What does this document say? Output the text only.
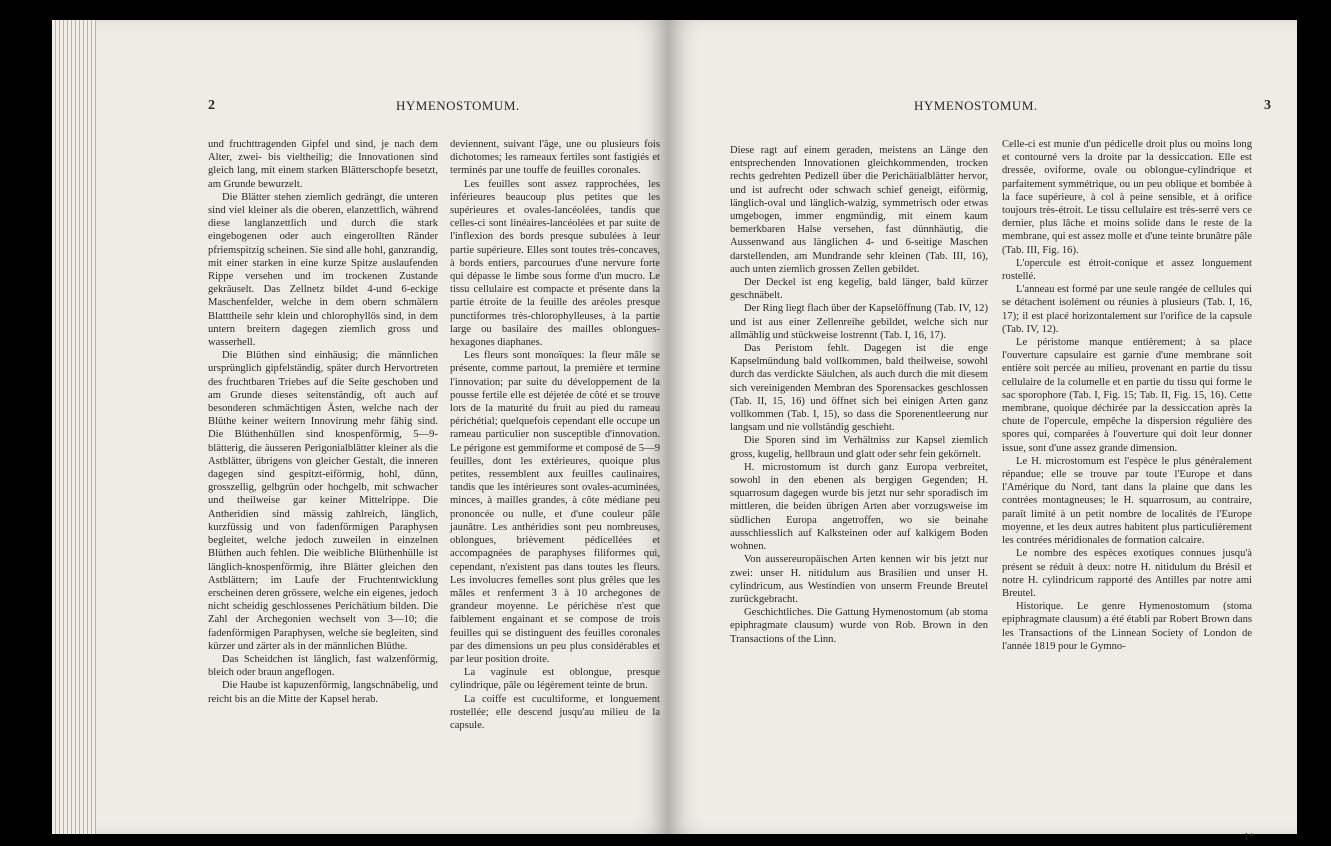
2	HYMENOSTOMUM.

und fruchttragenden Gipfel und sind, je nach dem Alter, zwei- bis vieltheilig; die Innovationen sind gleich lang, mit einem starken Blätterschopfe besetzt, am Grunde bewurzelt.

Die Blätter stehen ziemlich gedrängt, die unteren sind viel kleiner als die oberen, elanzettlich, während diese langlanzettlich und durch die stark eingebogenen oder auch eingerollten Ränder pfriemspitzig scheinen. Sie sind alle hohl, ganzrandig, mit einer starken in eine kurze Spitze auslaufenden Rippe versehen und im trockenen Zustande gekräuselt. Das Zellnetz bildet 4-und 6-eckige Maschenfelder, welche in dem obern schmälern Blatttheile sehr klein und chlorophyllös sind, in dem untern breitern dagegen ziemlich gross und wasserhell.

Die Blüthen sind einhäusig; die männlichen ursprünglich gipfelständig, später durch Hervortreten des fruchtbaren Triebes auf die Seite geschoben und am Grunde dieses seitenständig, oft auch auf besonderen schmächtigen Ästen, welche nach der Blüthe keiner weitern Innovirung mehr fähig sind. Die Blüthenhüllen sind knospenförmig, 5—9-blätterig, die äusseren Perigonialblätter kleiner als die Astblätter, übrigens von gleicher Gestalt, die inneren dagegen sind gespitzt-eiförmig, hohl, dünn, grosszellig, gelbgrün oder hochgelb, mit schwacher und theilweise gar keiner Mittelrippe. Die Antheridien sind mässig zahlreich, länglich, kurzfüssig und von fadenförmigen Paraphysen begleitet, welche jedoch zuweilen in einzelnen Blüthen auch fehlen. Die weibliche Blüthenhülle ist länglich-knospenförmig, ihre Blätter gleichen den Astblättern; im Laufe der Fruchtentwicklung erscheinen deren grössere, welche ein eigenes, jedoch nicht scheidig geschlossenes Perichätium bilden. Die Zahl der Archegonien wechselt von 3—10; die fadenförmigen Paraphysen, welche sie begleiten, sind kürzer und zärter als in der männlichen Blüthe.

Das Scheidchen ist länglich, fast walzenförmig, bleich oder braun angeflogen.

Die Haube ist kapuzenförmig, langschnäbelig, und reicht bis an die Mitte der Kapsel herab.

deviennent, suivant l'âge, une ou plusieurs fois dichotomes; les rameaux fertiles sont fastigiés et terminés par une touffe de feuilles coronales.

Les feuilles sont assez rapprochées, les inférieures beaucoup plus petites que les supérieures et ovales-lancéolées, tandis que celles-ci sont linéaires-lancéolées et par suite de l'inflexion des bords presque subulées à leur partie supérieure. Elles sont toutes très-concaves, à bords entiers, parcourues d'une nervure forte qui dépasse le limbe sous forme d'un mucro. Le tissu cellulaire est compacte et présente dans la partie étroite de la feuille des aréoles presque punctiformes très-chlorophylleuses, à la partie large ou basilaire des mailles oblongues-hexagones diaphanes.

Les fleurs sont monoïques: la fleur mâle se présente, comme partout, la première et termine l'innovation; par suite du développement de la pousse fertile elle est déjetée de côté et se trouve lors de la maturité du fruit au pied du rameau périchétial; quelquefois cependant elle occupe un rameau particulier non susceptible d'innovation. Le périgone est gemmiforme et composé de 5—9 feuilles, dont les extérieures, quoique plus petites, ressemblent aux feuilles caulinaires, tandis que les intérieures sont ovales-acuminées, minces, à mailles grandes, à côte médiane peu prononcée ou nulle, et d'une couleur pâle jaunâtre. Les anthéridies sont peu nombreuses, oblongues, brièvement pédicellées et accompagnées de paraphyses filiformes qui, cependant, n'existent pas dans toutes les fleurs. Les involucres femelles sont plus grêles que les mâles et renferment 3 à 10 archegones de grandeur moyenne. Le périchèse n'est que faiblement engainant et se compose de trois feuilles qui se distinguent des feuilles coronales par des dimensions un peu plus considérables et par leur position droite.

La vaginule est oblongue, presque cylindrique, pâle ou légèrement teinte de brun.

La coiffe est cucultiforme, et longuement rostellée; elle descend jusqu'au milieu de la capsule.

HYMENOSTOMUM.	3

Diese ragt auf einem geraden, meistens an Länge den entsprechenden Innovationen gleichkommenden, trocken rechts gedrehten Pedizell über die Perichätialblätter hervor, und ist aufrecht oder schwach schief geneigt, eiförmig, länglich-oval und länglich-walzig, symmetrisch oder etwas umgebogen, immer engmündig, mit einem kaum bemerkbaren Halse versehen, fast dünnhäutig, die Aussenwand aus länglichen 4- und 6-seitige Maschen darstellenden, am Mundrande sehr kleinen (Tab. III, 16), auch unten ziemlich grossen Zellen gebildet.

Der Deckel ist eng kegelig, bald länger, bald kürzer geschnäbelt.

Der Ring liegt flach über der Kapselöffnung (Tab. IV, 12) und ist aus einer Zellenreihe gebildet, welche sich nur allmählig und stückweise lostrennt (Tab. I, 16, 17).

Das Peristom fehlt. Dagegen ist die enge Kapselmündung bald vollkommen, bald theilweise, sowohl durch das verdickte Säulchen, als auch durch die mit diesem sich vereinigenden Membran des Sporensackes geschlossen (Tab. II, 15, 16) und öffnet sich bei einigen Arten ganz vollkommen (Tab. I, 15), so dass die Sporenentleerung nur langsam und nie vollständig geschieht.

Die Sporen sind im Verhältniss zur Kapsel ziemlich gross, kugelig, hellbraun und glatt oder sehr fein gekörnelt.

H. microstomum ist durch ganz Europa verbreitet, sowohl in den ebenen als bergigen Gegenden; H. squarrosum dagegen wurde bis jetzt nur sehr sporadisch im mittleren, die beiden übrigen Arten aber vorzugsweise im südlichen Europa angetroffen, wo sie beinahe ausschliesslich auf Kalksteinen oder auf kalkigem Boden wohnen.

Von aussereuropäischen Arten kennen wir bis jetzt nur zwei: unser H. nitidulum aus Brasilien und unser H. cylindricum, aus Westindien von unserm Freunde Breutel zurückgebracht.

Geschichtliches. Die Gattung Hymenostomum (ab stoma epiphragmate clausum) wurde von Rob. Brown in den Transactions of the Linn.

Celle-ci est munie d'un pédicelle droit plus ou moins long et contourné vers la droite par la dessiccation. Elle est dressée, oviforme, ovale ou oblongue-cylindrique et parfaitement symmétrique, ou un peu oblique et bombée à la face supérieure, à col à peine sensible, et à orifice toujours très-étroit. Le tissu cellulaire est très-serré vers ce dernier, plus lâche et moins solide dans le reste de la membrane, qui est assez molle et d'une teinte brunâtre pâle (Tab. III, Fig. 16).

L'opercule est étroit-conique et assez longuement rostellé.

L'anneau est formé par une seule rangée de cellules qui se détachent isolément ou réunies à plusieurs (Tab. I, 16, 17); il est placé horizontalement sur l'orifice de la capsule (Tab. IV, 12).

Le péristome manque entièrement; à sa place l'ouverture capsulaire est garnie d'une membrane soit entière soit percée au milieu, provenant en partie du tissu cellulaire de la columelle et en partie du tissu qui forme le sac sporophore (Tab. I, Fig. 15; Tab. II, Fig. 15, 16). Cette membrane, quoique déchirée par la dessiccation après la chute de l'opercule, empêche la dispersion régulière des spores qui, comparées à l'ouverture qui doit leur donner issue, sont d'une assez grande dimension.

Le H. microstomum est l'espèce le plus généralement répandue; elle se trouve par toute l'Europe et dans l'Amérique du Nord, tant dans la plaine que dans les contrées montagneuses; le H. squarrosum, au contraire, paraît limité à un petit nombre de localités de l'Europe moyenne, et les deux autres habitent plus particulièrement les contrées méridionales de formation calcaire.

Le nombre des espèces exotiques connues jusqu'à présent se réduit à deux: notre H. nitidulum du Brésil et notre H. cylindricum rapporté des Antilles par notre ami Breutel.

Historique. Le genre Hymenostomum (stoma epiphragmate clausum) a été établi par Robert Brown dans les Transactions of the Linnean Society of London de l'année 1819 pour le Gymno-

1*
